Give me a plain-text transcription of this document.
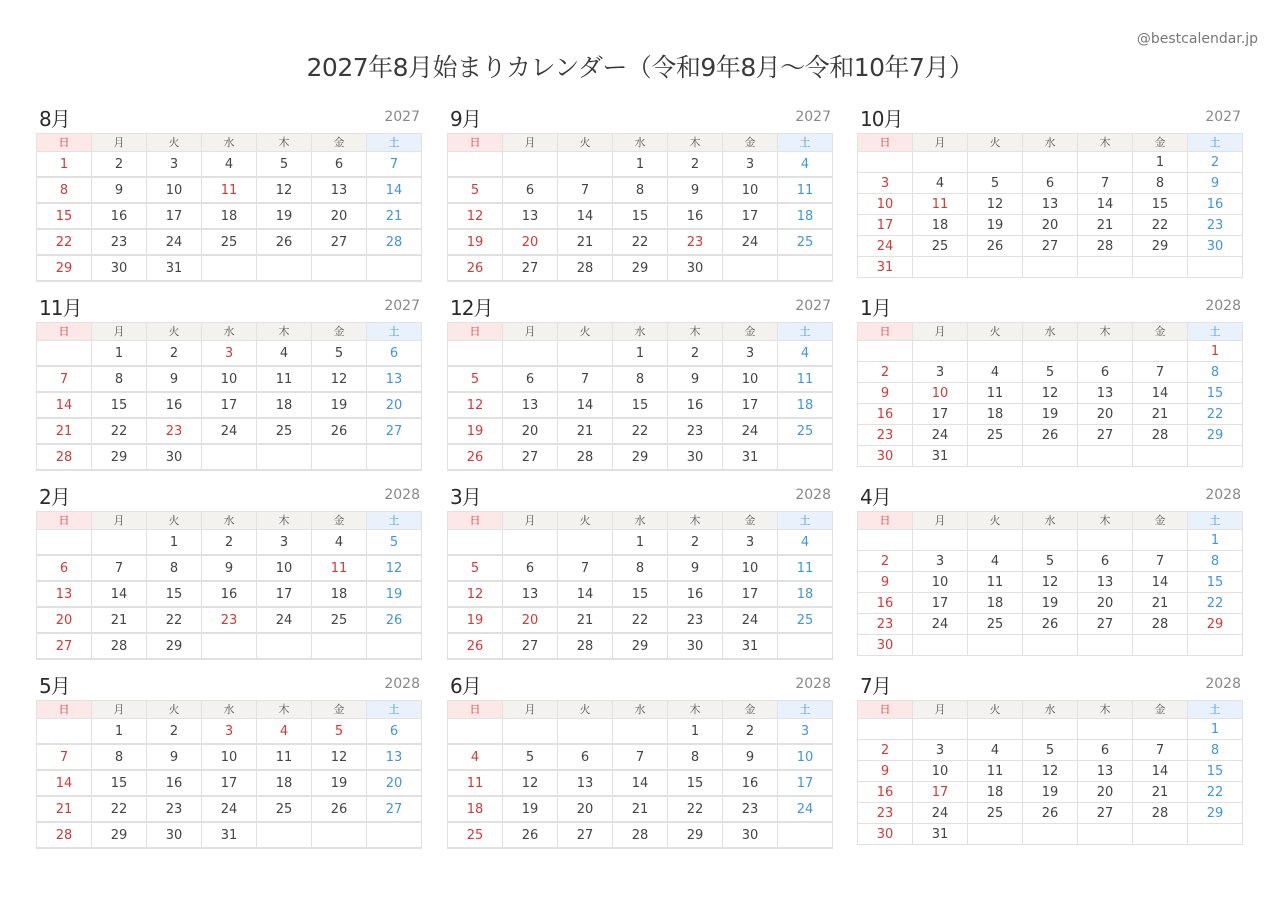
2027年8月始まりカレンダー（令和9年8月〜令和10年7月）
@bestcalendar.jp
8月	2027
日	月	火	水	木	金	土
1	2	3	4	5	6	7
8	9	10	11	12	13	14
15	16	17	18	19	20	21
22	23	24	25	26	27	28
29	30	31				
9月	2027
日	月	火	水	木	金	土
			1	2	3	4
5	6	7	8	9	10	11
12	13	14	15	16	17	18
19	20	21	22	23	24	25
26	27	28	29	30		
10月	2027
日	月	火	水	木	金	土
					1	2
3	4	5	6	7	8	9
10	11	12	13	14	15	16
17	18	19	20	21	22	23
24	25	26	27	28	29	30
31						
11月	2027
日	月	火	水	木	金	土
	1	2	3	4	5	6
7	8	9	10	11	12	13
14	15	16	17	18	19	20
21	22	23	24	25	26	27
28	29	30				
12月	2027
日	月	火	水	木	金	土
			1	2	3	4
5	6	7	8	9	10	11
12	13	14	15	16	17	18
19	20	21	22	23	24	25
26	27	28	29	30	31	
1月	2028
日	月	火	水	木	金	土
						1
2	3	4	5	6	7	8
9	10	11	12	13	14	15
16	17	18	19	20	21	22
23	24	25	26	27	28	29
30	31					
2月	2028
日	月	火	水	木	金	土
		1	2	3	4	5
6	7	8	9	10	11	12
13	14	15	16	17	18	19
20	21	22	23	24	25	26
27	28	29				
3月	2028
日	月	火	水	木	金	土
			1	2	3	4
5	6	7	8	9	10	11
12	13	14	15	16	17	18
19	20	21	22	23	24	25
26	27	28	29	30	31	
4月	2028
日	月	火	水	木	金	土
						1
2	3	4	5	6	7	8
9	10	11	12	13	14	15
16	17	18	19	20	21	22
23	24	25	26	27	28	29
30						
5月	2028
日	月	火	水	木	金	土
	1	2	3	4	5	6
7	8	9	10	11	12	13
14	15	16	17	18	19	20
21	22	23	24	25	26	27
28	29	30	31			
6月	2028
日	月	火	水	木	金	土
				1	2	3
4	5	6	7	8	9	10
11	12	13	14	15	16	17
18	19	20	21	22	23	24
25	26	27	28	29	30	
7月	2028
日	月	火	水	木	金	土
						1
2	3	4	5	6	7	8
9	10	11	12	13	14	15
16	17	18	19	20	21	22
23	24	25	26	27	28	29
30	31					
